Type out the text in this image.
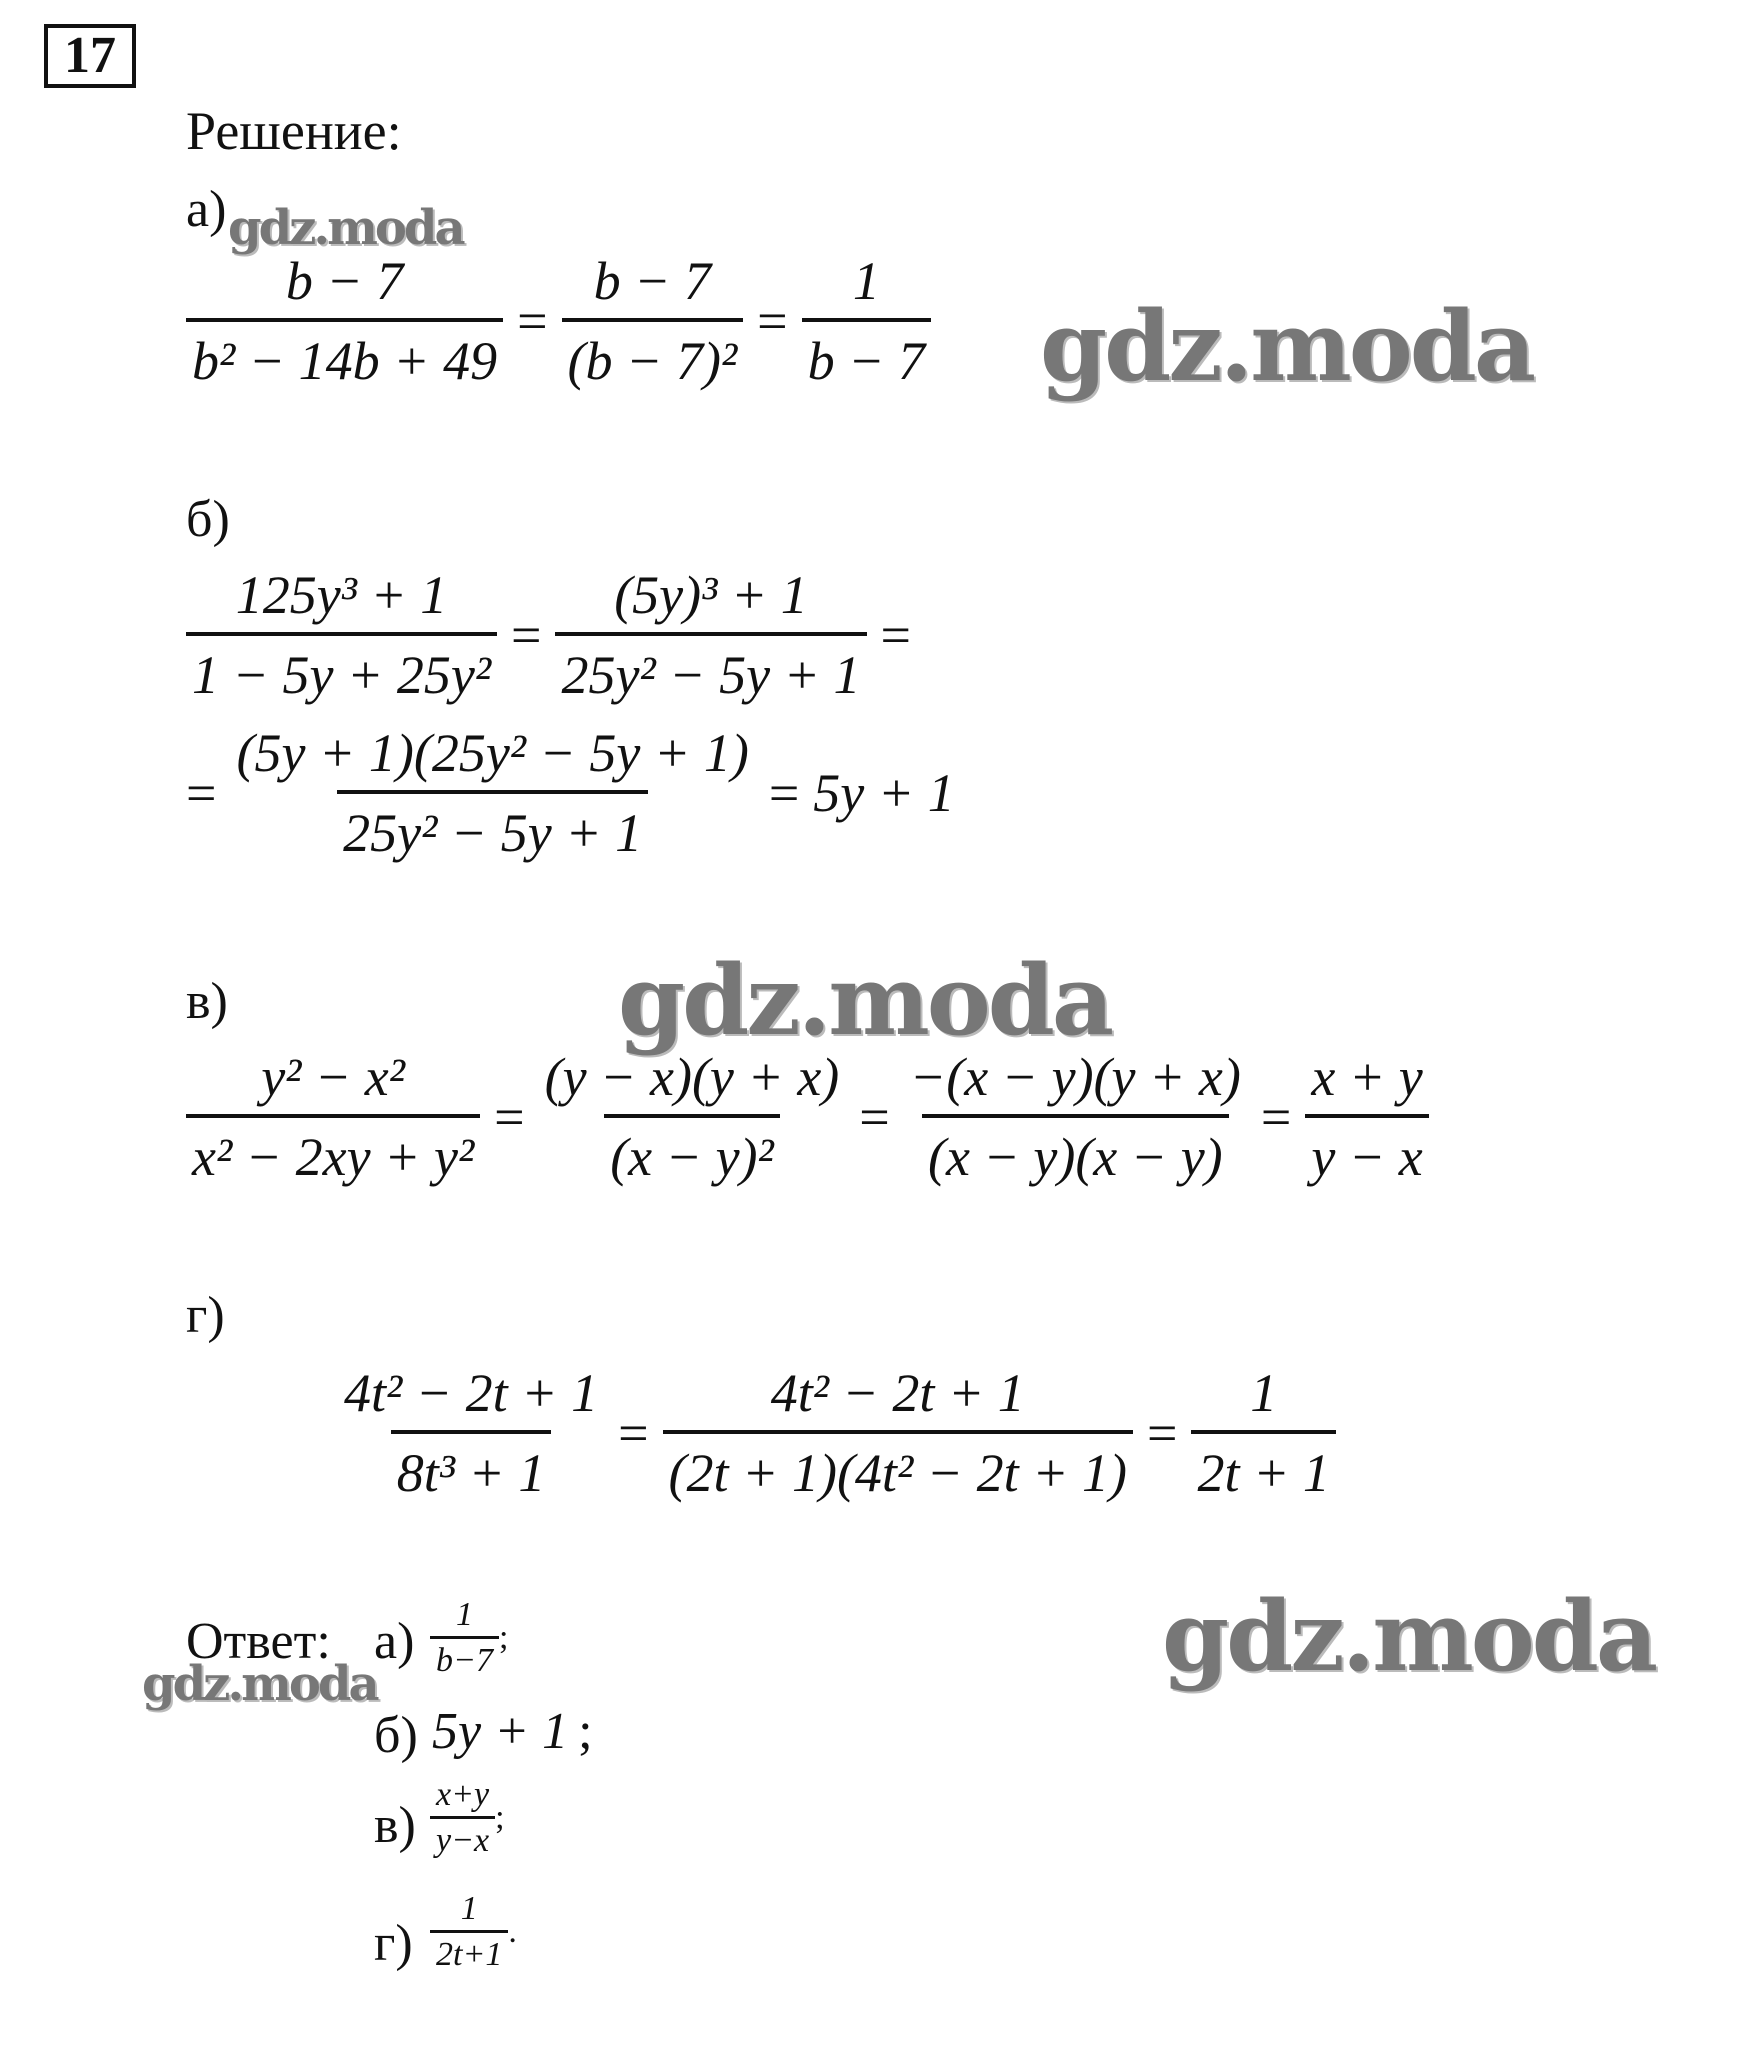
17
Решение:
а) gdz.moda
$\frac{b - 7}{\text{b² − 14b + 49}} = \frac{b - 7}{\text{(b − 7)²}} = \frac{1}{b - 7}$ gdz.moda
б)
$\frac{\text{125y³ + 1}}{\text{1 − 5y + 25y²}} = \frac{\text{(5y)³ + 1}}{\text{25y² − 5y + 1}}$ =
= $\frac{\text{(5y + 1)(25y² − 5y + 1)}}{\text{25y² − 5y + 1}} = 5y + 1$
в)	gdz.moda
$\frac{\text{y² − x²}}{\text{x² − 2xy + y²}} = \frac{(y - x)(y + x)}{\text{(x − y)²}} = \frac{-(x - y)(y + x)}{(x - y)(x - y)} = \frac{x + y}{y - x}$
г)
$\frac{\text{4t² − 2t + 1}}{\text{8t³ + 1}} = \frac{\text{4t² − 2t + 1}}{\text{(2t + 1)(4t² − 2t + 1)}} = \frac{1}{2t + 1}$
Ответ:
gdz.moda	gdz.moda
$а) \frac{1}{b-7}$ ;
б) 5y + 1 ;
$в) \frac{x+y}{y-x}$ ;
$г) \frac{1}{2t+1}$ .
